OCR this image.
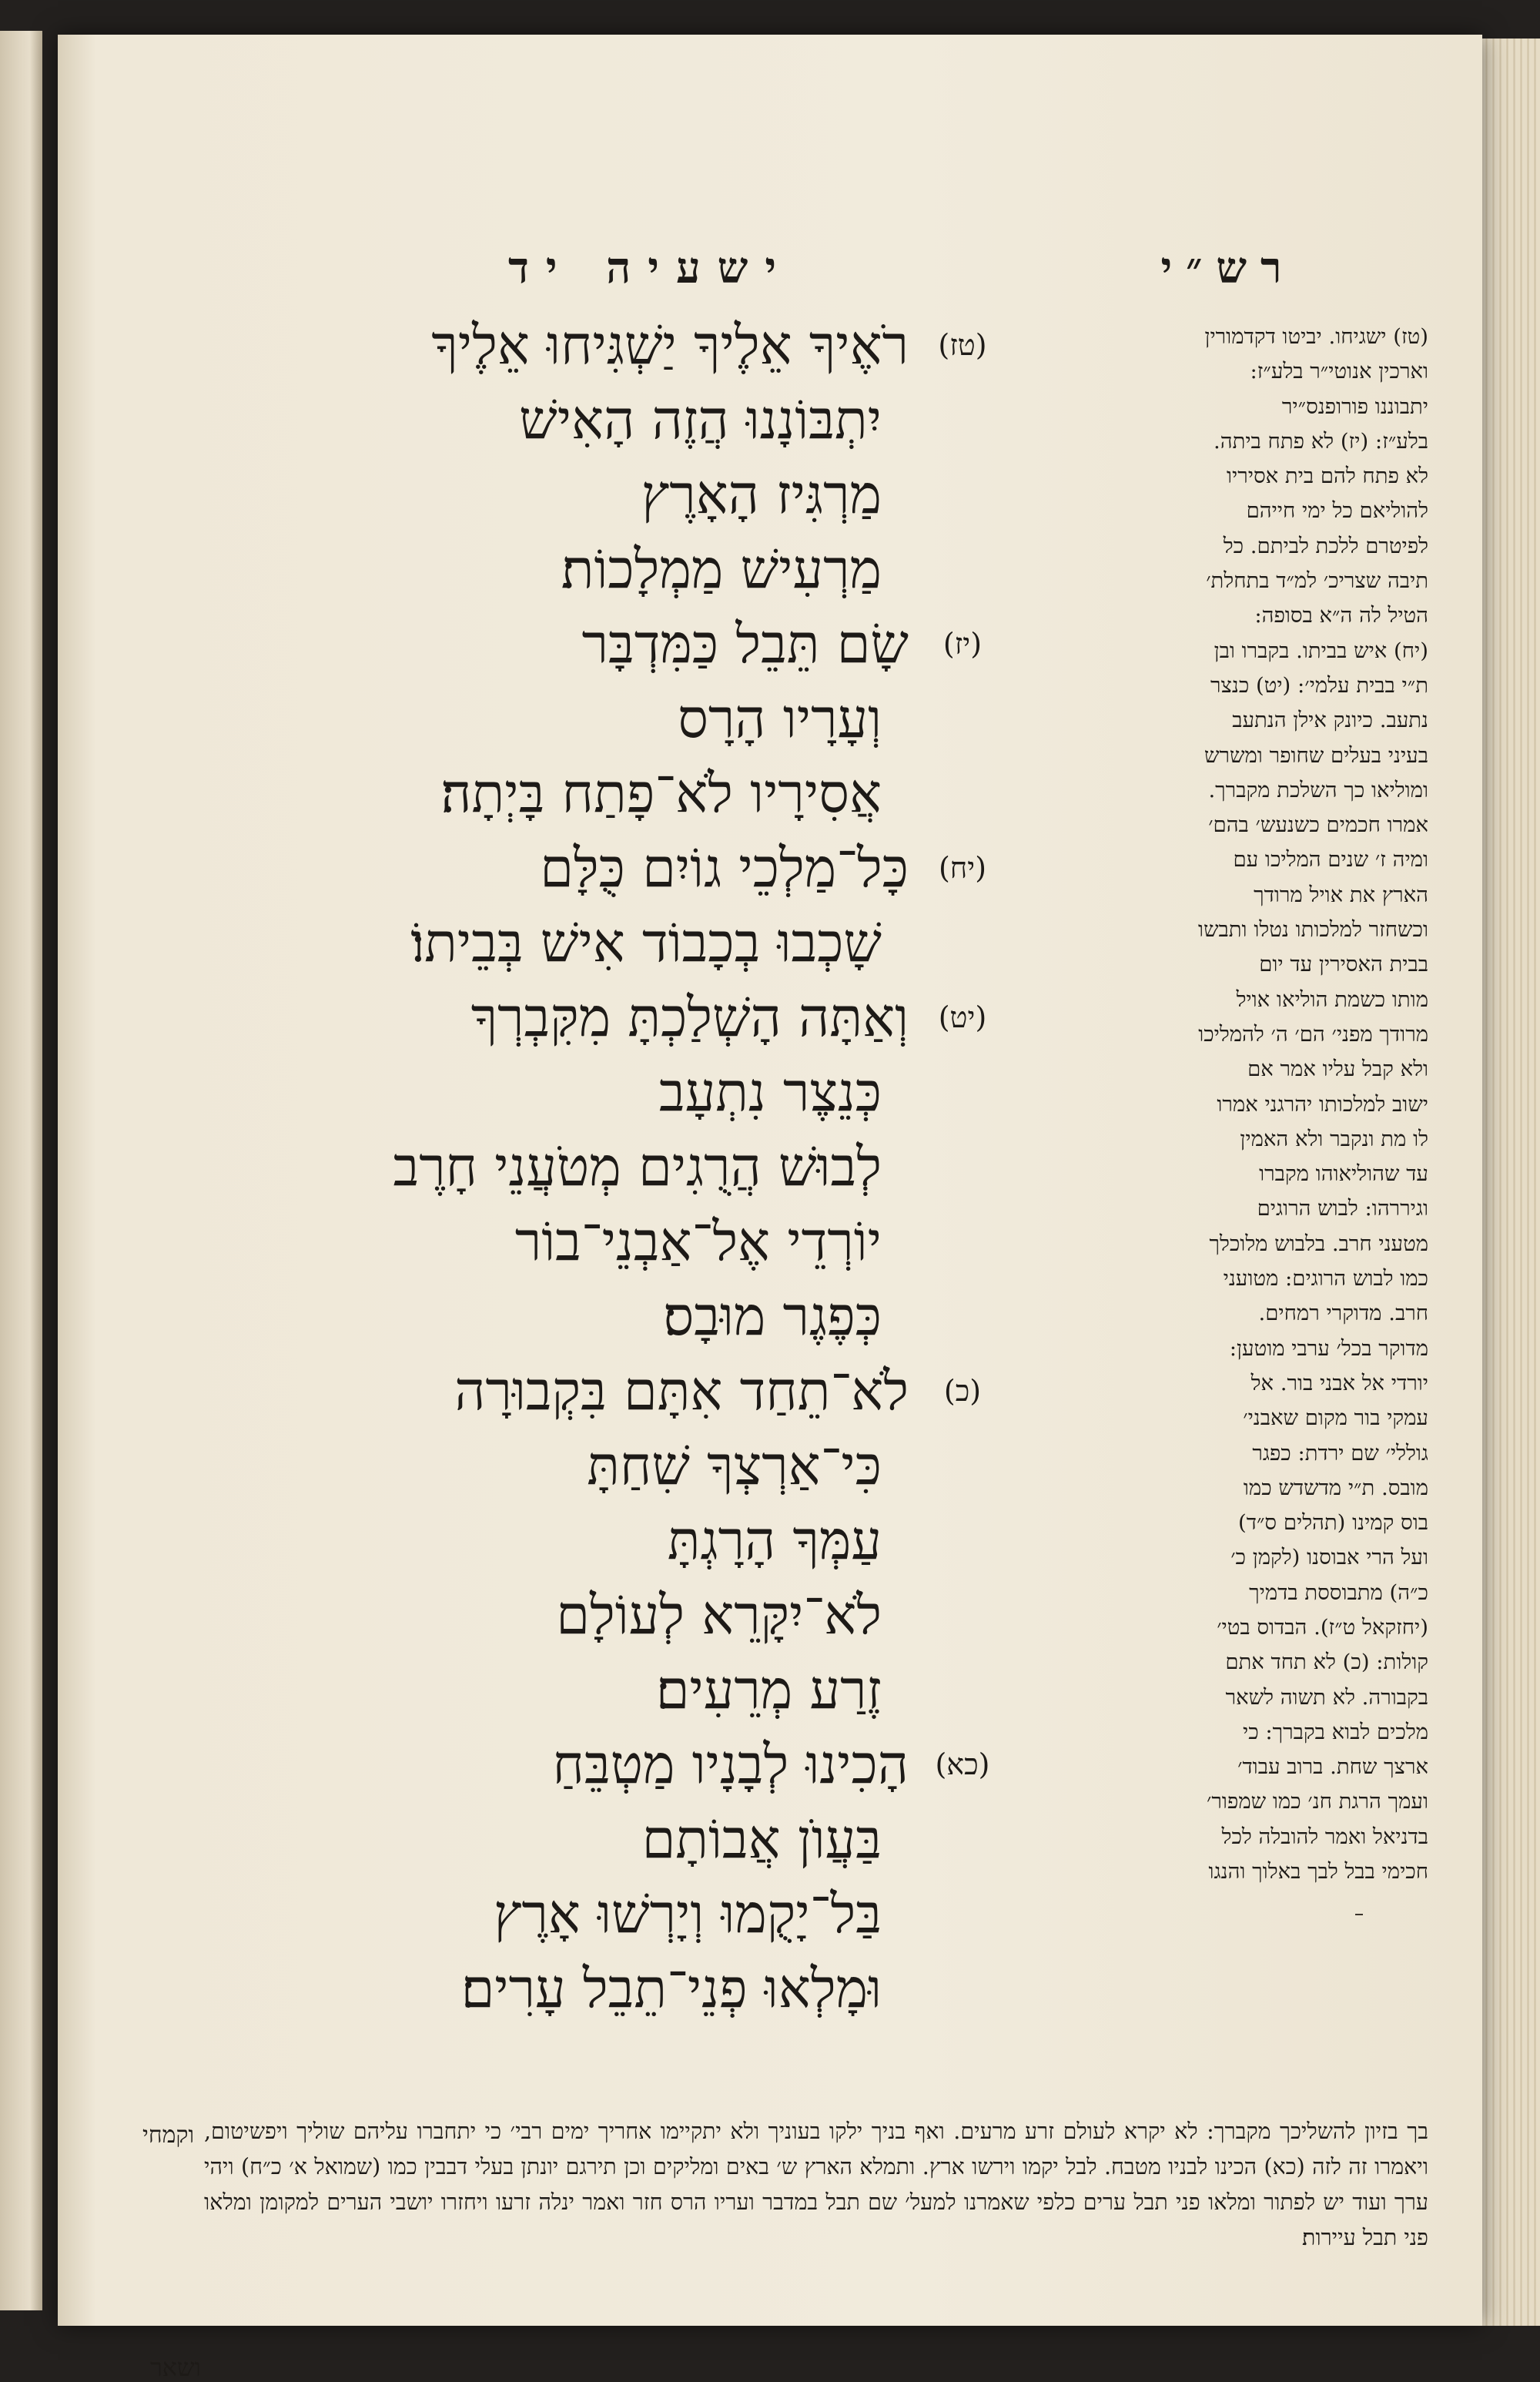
רש״י
ישעיה יד
(טז) ישגיחו. יביטו דקדמורין
וארכין אנוטי״ר בלע״ז:
יתבוננו פורופנס״יר
בלע״ז: (יז) לא פתח ביתה.
לא פתח להם בית אסיריו
להוליאם כל ימי חייהם
לפיטרם ללכת לביתם. כל
תיבה שצריכ׳ למ״ד בתחלת׳
הטיל לה ה״א בסופה:
(יח) איש בביתו. בקברו ובן
ת״י בבית עלמי׳: (יט) כנצר
נתעב. כיונק אילן הנתעב
בעיני בעלים שחופר ומשרש
ומוליאו כך השלכת מקברך.
אמרו חכמים כשנעש׳ בהם׳
ומיה ז׳ שנים המליכו עם
הארץ את אויל מרודך
וכשחזר למלכותו נטלו ותבשו
בבית האסירין עד יום
מותו כשמת הוליאו אויל
מרודך מפני׳ הם׳ ה׳ להמליכו
ולא קבל עליו אמר אם
ישוב למלכותו יהרגני אמרו
לו מת ונקבר ולא האמין
עד שהוליאוהו מקברו
וגיררהו: לבוש הרוגים
מטעני חרב. בלבוש מלוכלך
כמו לבוש הרוגים: מטועני
חרב. מדוקרי רמחים.
מדוקר בכל׳ ערבי מוטען:
יורדי אל אבני בור. אל
עמקי בור מקום שאבני׳
גוללי׳ שם ירדת: כפגר
מובס. ת״י מדשדש כמו
בוס קמינו (תהלים ס״ד)
ועל הרי אבוסנו (לקמן כ׳
כ״ה) מתבוססת בדמיך
(יחזקאל ט״ז). הבדוס בטי׳
קולות: (כ) לא תחד אתם
בקבורה. לא תשוה לשאר
מלכים לבוא בקברך: כי
ארצך שחת. ברוב עבוד׳
ועמך הרגת חנ׳ כמו שמפור׳
בדניאל ואמר להובלה לכל
חכימי בבל לבך באלוך והנגו
(טז)
רֹאֶיךָ אֵלֶיךָ יַשְׁגִּיחוּ אֵלֶיךָ
יִתְבּוֹנָנוּ הֲזֶה הָאִישׁ
מַרְגִּיז הָאָרֶץ
מַרְעִישׁ מַמְלָכוֹת׃
(יז)
שָׂם תֵּבֵל כַּמִּדְבָּר
וְעָרָיו הָרָס
אֲסִירָיו לֹא־פָתַח בָּיְתָה׃
(יח)
כָּל־מַלְכֵי גוֹיִם כֻּלָּם
שָׁכְבוּ בְכָבוֹד אִישׁ בְּבֵיתוֹ׃
(יט)
וְאַתָּה הָשְׁלַכְתָּ מִקִּבְרְךָ
כְּנֵצֶר נִתְעָב
לְבוּשׁ הֲרֻגִים מְטֹעֲנֵי חָרֶב
יוֹרְדֵי אֶל־אַבְנֵי־בוֹר
כְּפֶגֶר מוּבָס׃
(כ)
לֹא־תֵחַד אִתָּם בִּקְבוּרָה
כִּי־אַרְצְךָ שִׁחַתָּ
עַמְּךָ הָרָגְתָּ
לֹא־יִקָּרֵא לְעוֹלָם
זֶרַע מְרֵעִים׃
(כא)
הָכִינוּ לְבָנָיו מַטְבֵּחַ
בַּעֲוֺן אֲבוֹתָם
בַּל־יָקֻמוּ וְיָרְשׁוּ אָרֶץ
וּמָלְאוּ פְנֵי־תֵבֵל עָרִים׃
בך בזיון להשליכך מקברך: לא יקרא לעולם זרע מרעים. ואף בניך ילקו בעוניך ולא יתקיימו אחריך ימים רבי׳ כי יתחברו עליהם שוליך ויפשיטום, ויאמרו זה לזה (כא) הכינו לבניו מטבח. לבל יקמו וירשו ארץ. ותמלא הארץ ש׳ באים ומליקים וכן תירגם יונתן בעלי דבבין כמו (שמואל א׳ כ״ח) ויהי ערך ועוד יש לפתור ומלאו פני תבל ערים כלפי שאמרנו למעל׳ שם תבל במדבר ועריו הרס חזר ואמר ינלה זרעו ויחזרו יושבי הערים למקומן ומלאו פני תבל עיירות׃
וקמחי
ושאר
